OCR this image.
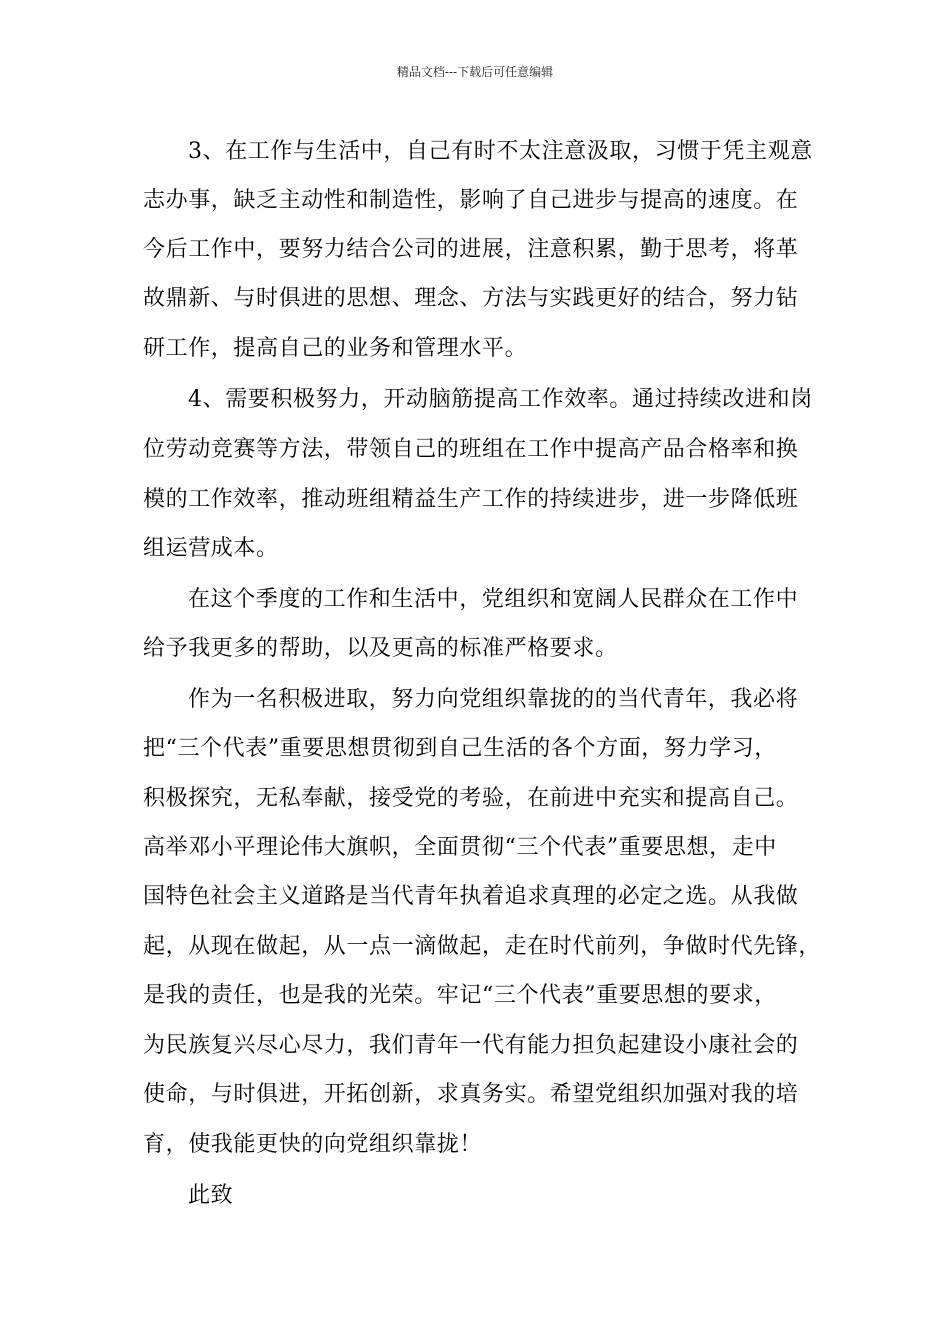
精品文档---下载后可任意编辑
3、在工作与生活中，自己有时不太注意汲取，习惯于凭主观意
志办事，缺乏主动性和制造性，影响了自己进步与提高的速度。在
今后工作中，要努力结合公司的进展，注意积累，勤于思考，将革
故鼎新、与时俱进的思想、理念、方法与实践更好的结合，努力钻
研工作，提高自己的业务和管理水平。
4、需要积极努力，开动脑筋提高工作效率。通过持续改进和岗
位劳动竞赛等方法，带领自己的班组在工作中提高产品合格率和换
模的工作效率，推动班组精益生产工作的持续进步，进一步降低班
组运营成本。
在这个季度的工作和生活中，党组织和宽阔人民群众在工作中
给予我更多的帮助，以及更高的标准严格要求。
作为一名积极进取，努力向党组织靠拢的的当代青年，我必将
把“三个代表”重要思想贯彻到自己生活的各个方面，努力学习，
积极探究，无私奉献，接受党的考验，在前进中充实和提高自己。
高举邓小平理论伟大旗帜，全面贯彻“三个代表”重要思想，走中
国特色社会主义道路是当代青年执着追求真理的必定之选。从我做
起，从现在做起，从一点一滴做起，走在时代前列，争做时代先锋，
是我的责任，也是我的光荣。牢记“三个代表”重要思想的要求，
为民族复兴尽心尽力，我们青年一代有能力担负起建设小康社会的
使命，与时俱进，开拓创新，求真务实。希望党组织加强对我的培
育，使我能更快的向党组织靠拢！
此致
